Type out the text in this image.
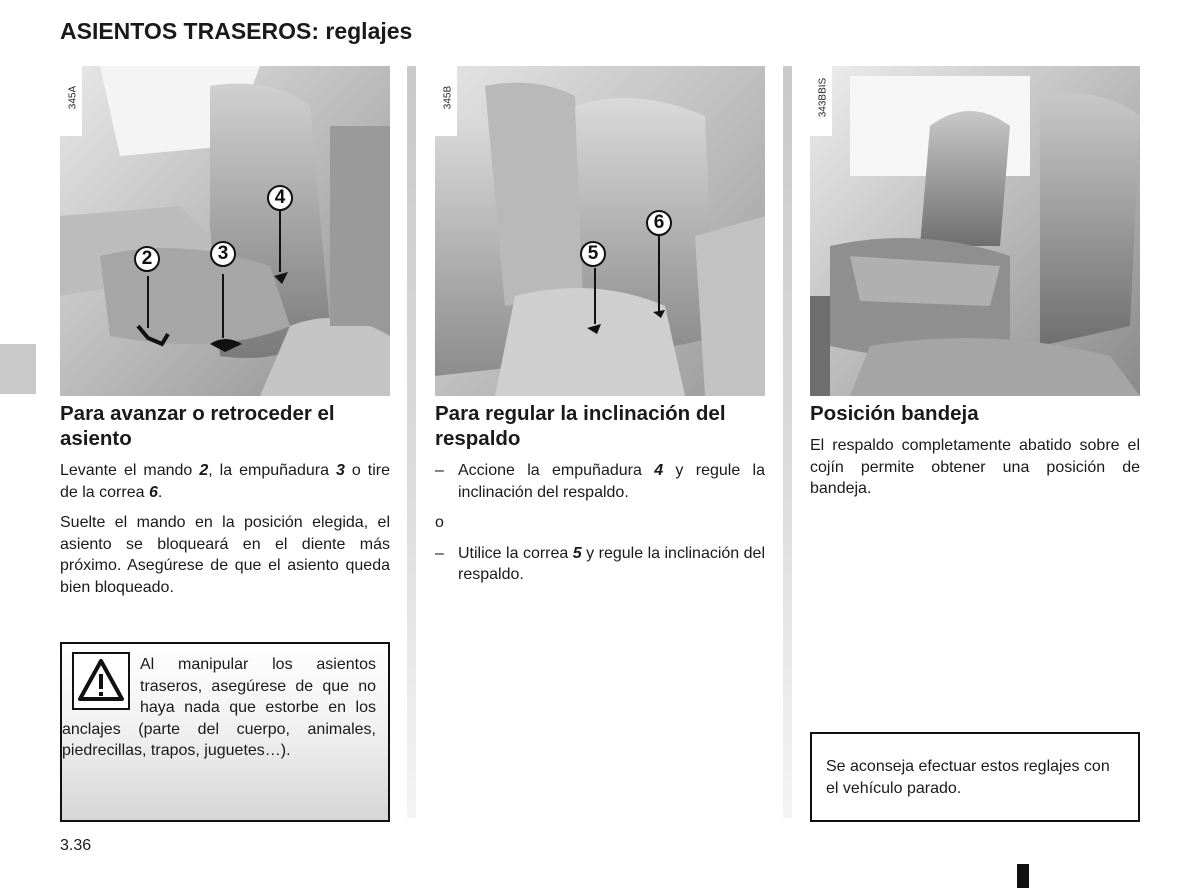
ASIENTOS TRASEROS: reglajes
345A
2	3
4
345B
5
6
343BBIS
Para avanzar o retroceder el asiento

Levante el mando 2, la empuñadura 3 o tire de la correa 6.

Suelte el mando en la posición elegida, el asiento se bloqueará en el diente más próximo. Asegúrese de que el asiento queda bien bloqueado.

Para regular la inclinación del respaldo
– Accione la empuñadura 4 y regule la inclinación del respaldo.

o

– Utilice la correa 5 y regule la inclinación del respaldo.
Posición bandeja

El respaldo completamente abatido sobre el cojín permite obtener una posición de bandeja.

Al manipular los asientos traseros, asegúrese de que no haya nada que estorbe en los anclajes (parte del cuerpo, animales, piedrecillas, trapos, juguetes…).
Se aconseja efectuar estos reglajes con el vehículo parado.
3.36
